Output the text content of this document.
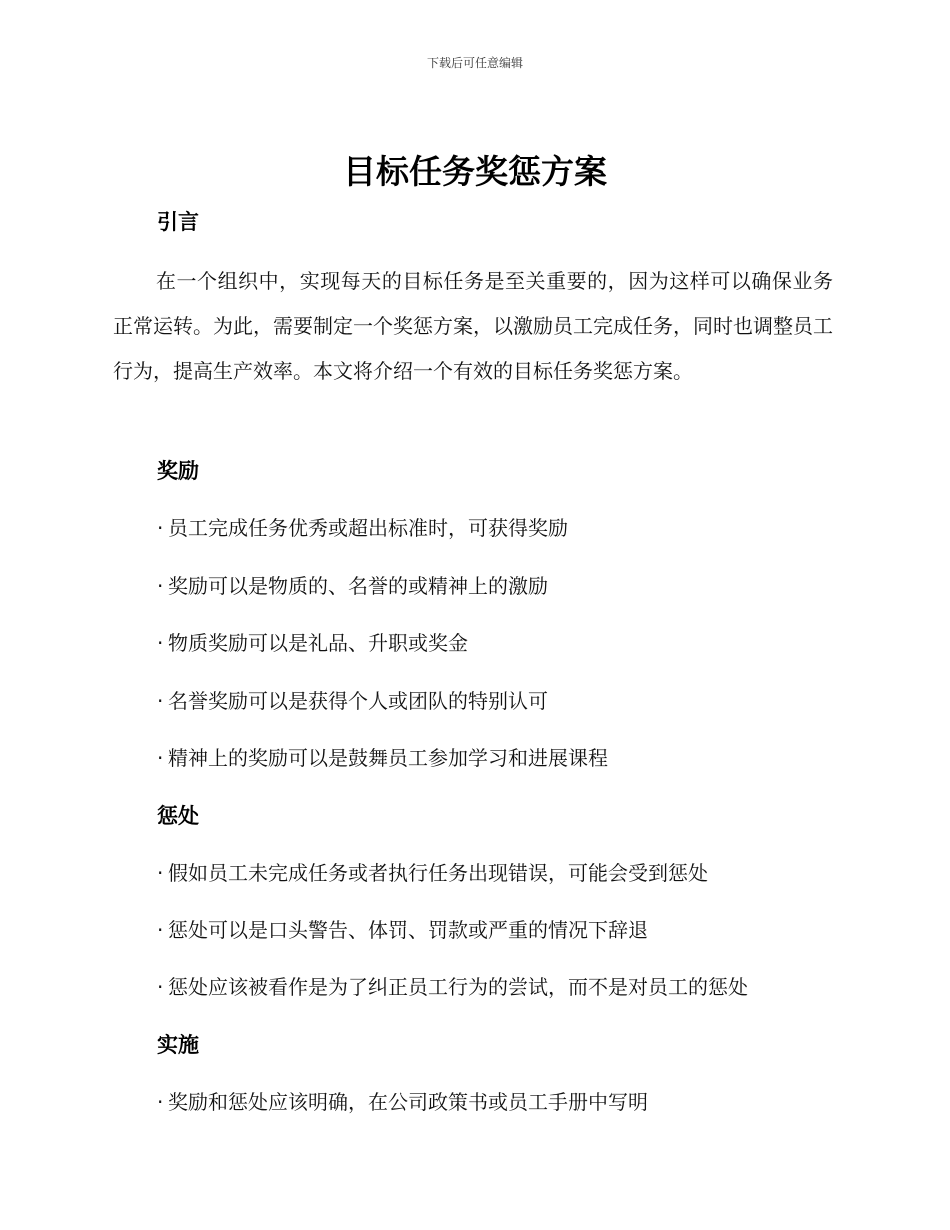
下载后可任意编辑
目标任务奖惩方案
引言
在一个组织中，实现每天的目标任务是至关重要的，因为这样可以确保业务正常运转。为此，需要制定一个奖惩方案，以激励员工完成任务，同时也调整员工行为，提高生产效率。本文将介绍一个有效的目标任务奖惩方案。
奖励
· 员工完成任务优秀或超出标准时，可获得奖励
· 奖励可以是物质的、名誉的或精神上的激励
· 物质奖励可以是礼品、升职或奖金
· 名誉奖励可以是获得个人或团队的特别认可
· 精神上的奖励可以是鼓舞员工参加学习和进展课程
惩处
· 假如员工未完成任务或者执行任务出现错误，可能会受到惩处
· 惩处可以是口头警告、体罚、罚款或严重的情况下辞退
· 惩处应该被看作是为了纠正员工行为的尝试，而不是对员工的惩处
实施
· 奖励和惩处应该明确，在公司政策书或员工手册中写明
